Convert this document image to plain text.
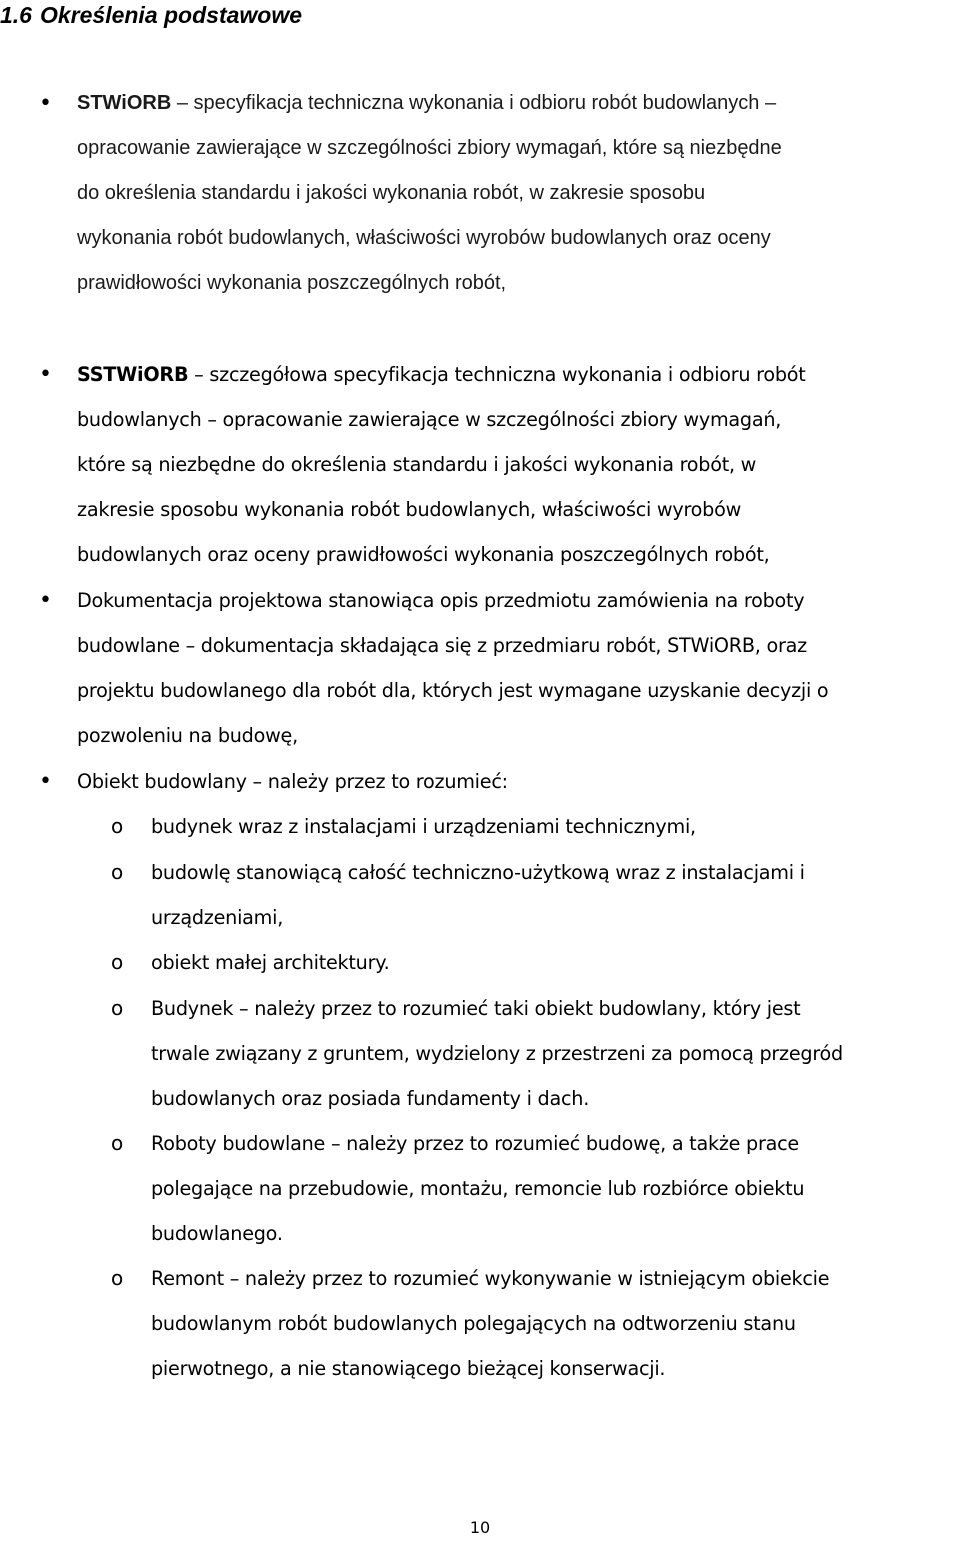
1.6 Określenia podstawowe
• STWiORB – specyfikacja techniczna wykonania i odbioru robót budowlanych –
opracowanie zawierające w szczególności zbiory wymagań, które są niezbędne
do określenia standardu i jakości wykonania robót, w zakresie sposobu
wykonania robót budowlanych, właściwości wyrobów budowlanych oraz oceny
prawidłowości wykonania poszczególnych robót,
• SSTWiORB – szczegółowa specyfikacja techniczna wykonania i odbioru robót
budowlanych – opracowanie zawierające w szczególności zbiory wymagań,
które są niezbędne do określenia standardu i jakości wykonania robót, w
zakresie sposobu wykonania robót budowlanych, właściwości wyrobów
budowlanych oraz oceny prawidłowości wykonania poszczególnych robót,
• Dokumentacja projektowa stanowiąca opis przedmiotu zamówienia na roboty
budowlane – dokumentacja składająca się z przedmiaru robót, STWiORB, oraz
projektu budowlanego dla robót dla, których jest wymagane uzyskanie decyzji o
pozwoleniu na budowę,
• Obiekt budowlany – należy przez to rozumieć:
o budynek wraz z instalacjami i urządzeniami technicznymi,
o budowlę stanowiącą całość techniczno-użytkową wraz z instalacjami i
urządzeniami,
o obiekt małej architektury.
o Budynek – należy przez to rozumieć taki obiekt budowlany, który jest
trwale związany z gruntem, wydzielony z przestrzeni za pomocą przegród
budowlanych oraz posiada fundamenty i dach.
o Roboty budowlane – należy przez to rozumieć budowę, a także prace
polegające na przebudowie, montażu, remoncie lub rozbiórce obiektu
budowlanego.
o Remont – należy przez to rozumieć wykonywanie w istniejącym obiekcie
budowlanym robót budowlanych polegających na odtworzeniu stanu
pierwotnego, a nie stanowiącego bieżącej konserwacji.
10
